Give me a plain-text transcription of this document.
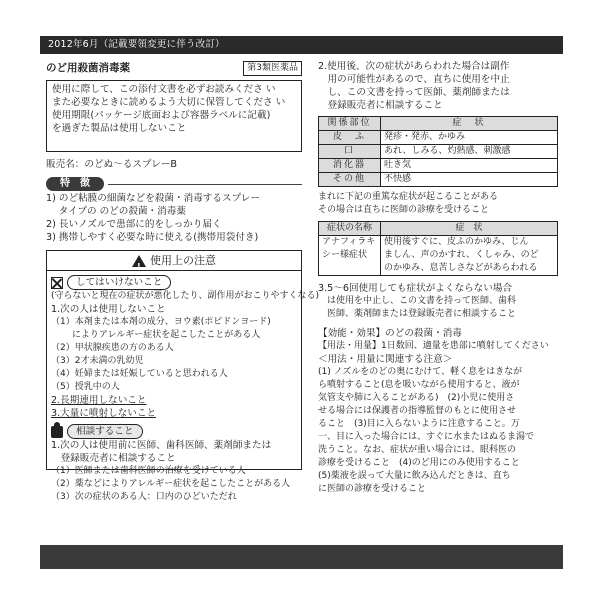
2012年6月（記載要領変更に伴う改訂）
のど用殺菌消毒薬	第3類医薬品
使用に際して、この添付文書を必ずお読みくださ い
また必要なときに読めるよう大切に保管してくださ い
使用期限(パッケージ底面および容器ラベルに記載)
を過ぎた製品は使用しないこと
販売名：のどぬ～るスプレーB
特　徴
1) のど粘膜の細菌などを殺菌・消毒するスプレー
　 タイプの のどの殺菌・消毒薬
2) 長いノズルで患部に的をしっかり届く
3) 携帯しやすく必要な時に使える(携帯用袋付き)
!使用上の注意
してはいけないこと
(守らないと現在の症状が悪化したり、副作用がおこりやすくなる)
1.次の人は使用しないこと
（1）本剤または本剤の成分、ヨウ素(ポビドンヨード)
　　 によりアレルギー症状を起こしたことがある人
（2）甲状腺疾患の方のある人
（3）2才未満の乳幼児
（4）妊婦または妊娠していると思われる人
（5）授乳中の人
2.長期連用しないこと
3.大量に噴射しないこと
相談すること
1.次の人は使用前に医師、歯科医師、薬剤師または
　登録販売者に相談すること
（1）医師または歯科医師の治療を受けている人
（2）薬などによりアレルギー症状を起こしたことがある人
（3）次の症状のある人：口内のひどいただれ
2.使用後、次の症状があらわれた場合は副作
　用の可能性があるので、直ちに使用を中止
　し、この文書を持って医師、薬剤師または
　登録販売者に相談すること
関係部位	症　状
皮　ふ	発疹・発赤、かゆみ
口	あれ、しみる、灼熱感、刺激感
消化器	吐き気
その他	不快感
まれに下記の重篤な症状が起こることがある
その場合は直ちに医師の診療を受けること
症状の名称	症　状
アナフィラキシー様症状	使用後すぐに、皮ふのかゆみ、じん
ましん、声のかすれ、くしゃみ、のど
のかゆみ、息苦しさなどがあらわれる
3.5～6回使用しても症状がよくならない場合
　は使用を中止し、この文書を持って医師、歯科
　医師、薬剤師または登録販売者に相談すること
【効能・効果】のどの殺菌・消毒
【用法・用量】1日数回、適量を患部に噴射してください
＜用法・用量に関連する注意＞
(1) ノズルをのどの奥にむけて、軽く息をはきなが
ら噴射すること(息を吸いながら使用すると、液が
気管支や肺に入ることがある)　(2)小児に使用さ
せる場合には保護者の指導監督のもとに使用させ
ること　(3)目に入らないように注意すること。万
一、目に入った場合には、すぐに水またはぬるま湯で
洗うこと。なお、症状が重い場合には、眼科医の
診療を受けること　(4)のど用にのみ使用すること
(5)薬液を誤って大量に飲み込んだときは、直ち
に医師の診療を受けること
